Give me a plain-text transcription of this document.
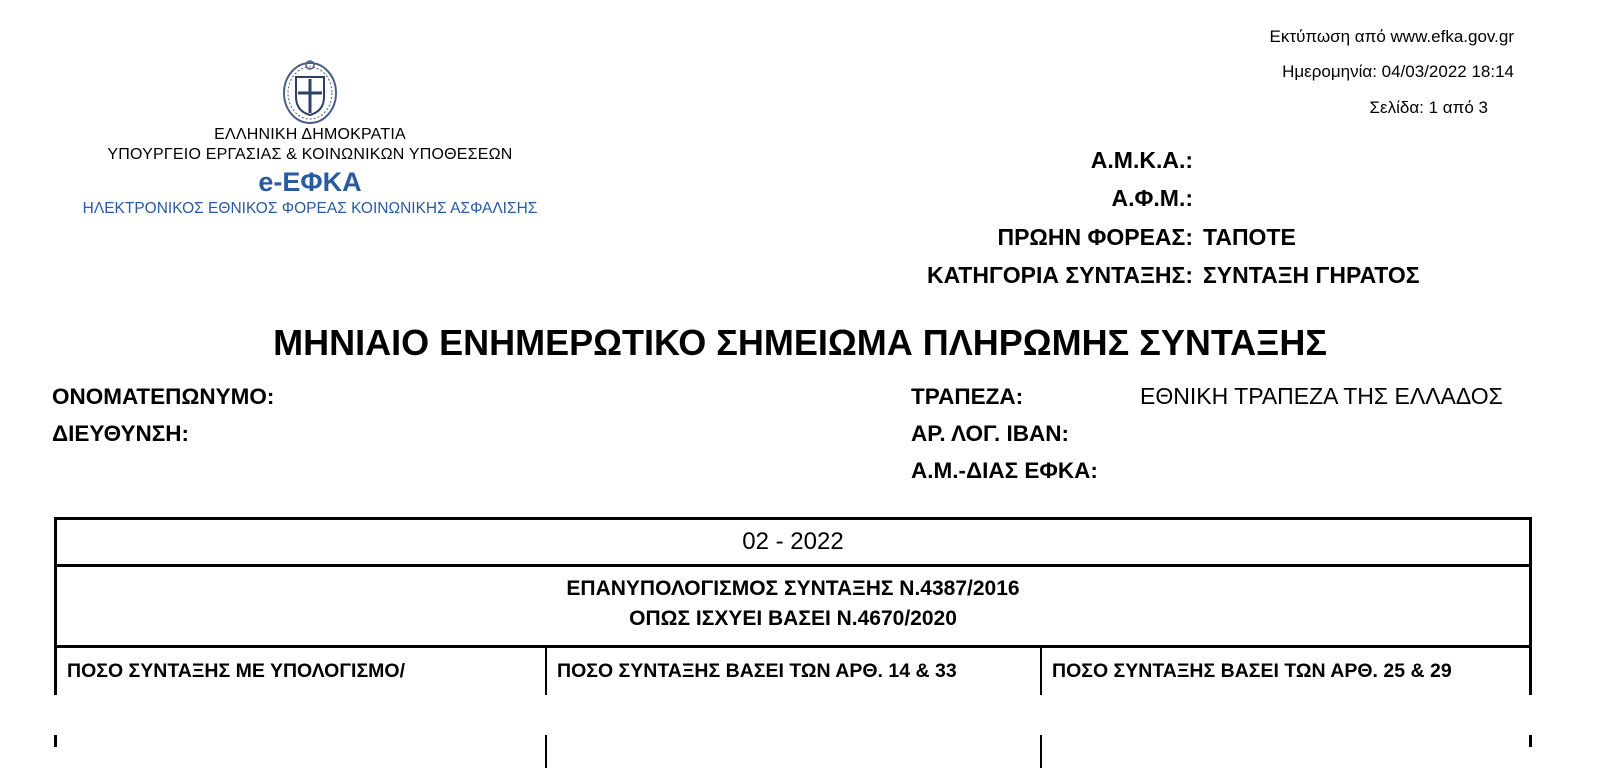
Εκτύπωση από www.efka.gov.gr
Ημερομηνία: 04/03/2022 18:14
Σελίδα: 1 από 3
ΕΛΛΗΝΙΚΗ ΔΗΜΟΚΡΑΤΙΑ
ΥΠΟΥΡΓΕΙΟ ΕΡΓΑΣΙΑΣ & ΚΟΙΝΩΝΙΚΩΝ ΥΠΟΘΕΣΕΩΝ
e-ΕΦΚΑ
ΗΛΕΚΤΡΟΝΙΚΟΣ ΕΘΝΙΚΟΣ ΦΟΡΕΑΣ ΚΟΙΝΩΝΙΚΗΣ ΑΣΦΑΛΙΣΗΣ
Α.Μ.Κ.Α.:
Α.Φ.Μ.:
ΠΡΩΗΝ ΦΟΡΕΑΣ: ΤΑΠΟΤΕ
ΚΑΤΗΓΟΡΙΑ ΣΥΝΤΑΞΗΣ: ΣΥΝΤΑΞΗ ΓΗΡΑΤΟΣ
ΜΗΝΙΑΙΟ ΕΝΗΜΕΡΩΤΙΚΟ ΣΗΜΕΙΩΜΑ ΠΛΗΡΩΜΗΣ ΣΥΝΤΑΞΗΣ
ΟΝΟΜΑΤΕΠΩΝΥΜΟ:
ΔΙΕΥΘΥΝΣΗ:
ΤΡΑΠΕΖΑ:	ΕΘΝΙΚΗ ΤΡΑΠΕΖΑ ΤΗΣ ΕΛΛΑΔΟΣ
ΑΡ. ΛΟΓ. IBAN:
Α.Μ.-ΔΙΑΣ ΕΦΚΑ:
02 - 2022
ΕΠΑΝΥΠΟΛΟΓΙΣΜΟΣ ΣΥΝΤΑΞΗΣ Ν.4387/2016
ΟΠΩΣ ΙΣΧΥΕΙ ΒΑΣΕΙ Ν.4670/2020
ΠΟΣΟ ΣΥΝΤΑΞΗΣ ΜΕ ΥΠΟΛΟΓΙΣΜΟ/	ΠΟΣΟ ΣΥΝΤΑΞΗΣ ΒΑΣΕΙ ΤΩΝ ΑΡΘ. 14 & 33	ΠΟΣΟ ΣΥΝΤΑΞΗΣ ΒΑΣΕΙ ΤΩΝ ΑΡΘ. 25 & 29
